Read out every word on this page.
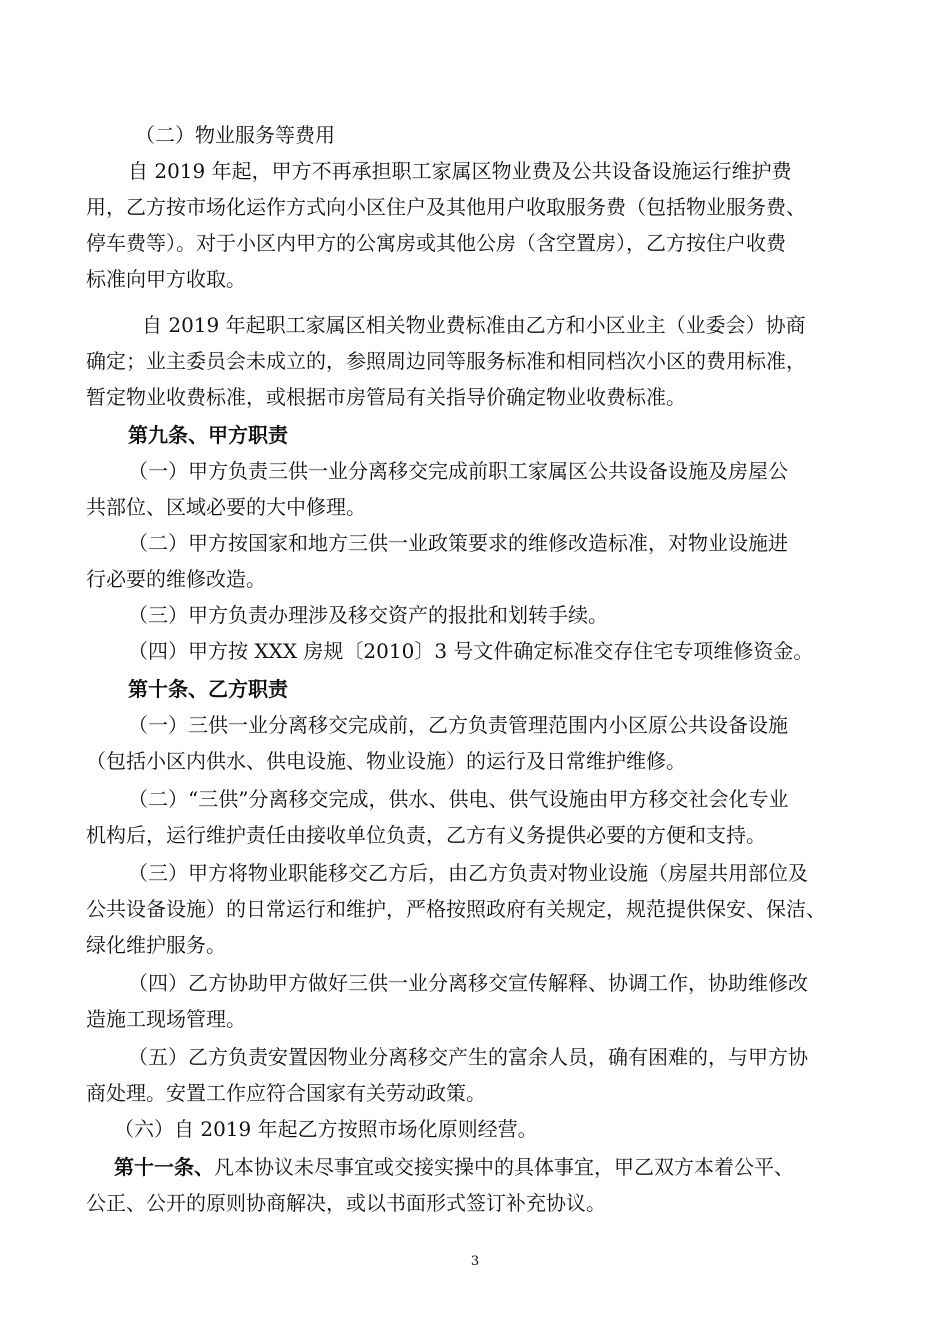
（二）物业服务等费用

自 2019 年起，甲方不再承担职工家属区物业费及公共设备设施运行维护费

用，乙方按市场化运作方式向小区住户及其他用户收取服务费（包括物业服务费、

停车费等）。对于小区内甲方的公寓房或其他公房（含空置房），乙方按住户收费

标准向甲方收取。

自 2019 年起职工家属区相关物业费标准由乙方和小区业主（业委会）协商

确定；业主委员会未成立的，参照周边同等服务标准和相同档次小区的费用标准，

暂定物业收费标准，或根据市房管局有关指导价确定物业收费标准。

第九条、甲方职责

（一）甲方负责三供一业分离移交完成前职工家属区公共设备设施及房屋公

共部位、区域必要的大中修理。

（二）甲方按国家和地方三供一业政策要求的维修改造标准，对物业设施进

行必要的维修改造。

（三）甲方负责办理涉及移交资产的报批和划转手续。

（四）甲方按 XXX 房规〔2010〕3 号文件确定标准交存住宅专项维修资金。

第十条、乙方职责

（一）三供一业分离移交完成前，乙方负责管理范围内小区原公共设备设施

（包括小区内供水、供电设施、物业设施）的运行及日常维护维修。

（二）“三供”分离移交完成，供水、供电、供气设施由甲方移交社会化专业

机构后，运行维护责任由接收单位负责，乙方有义务提供必要的方便和支持。

（三）甲方将物业职能移交乙方后，由乙方负责对物业设施（房屋共用部位及

公共设备设施）的日常运行和维护，严格按照政府有关规定，规范提供保安、保洁、

绿化维护服务。

（四）乙方协助甲方做好三供一业分离移交宣传解释、协调工作，协助维修改

造施工现场管理。

（五）乙方负责安置因物业分离移交产生的富余人员，确有困难的，与甲方协

商处理。安置工作应符合国家有关劳动政策。

（六）自 2019 年起乙方按照市场化原则经营。

第十一条、凡本协议未尽事宜或交接实操中的具体事宜，甲乙双方本着公平、

公正、公开的原则协商解决，或以书面形式签订补充协议。

3
